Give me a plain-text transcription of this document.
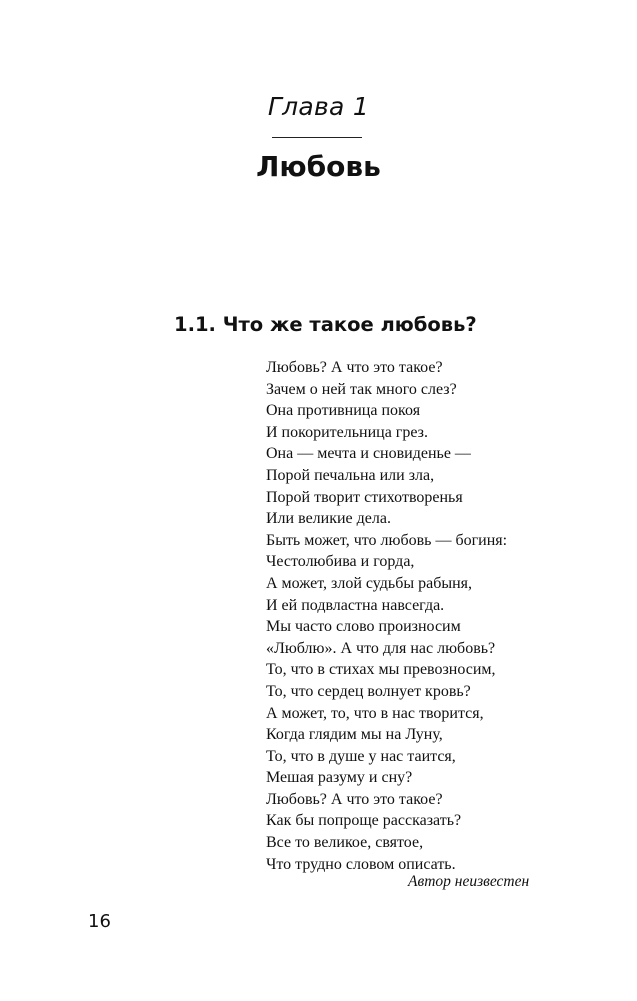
Глава 1
Любовь
1.1. Что же такое любовь?
Любовь? А что это такое?
Зачем о ней так много слез?
Она противница покоя
И покорительница грез.
Она — мечта и сновиденье —
Порой печальна или зла,
Порой творит стихотворенья
Или великие дела.
Быть может, что любовь — богиня:
Честолюбива и горда,
А может, злой судьбы рабыня,
И ей подвластна навсегда.
Мы часто слово произносим
«Люблю». А что для нас любовь?
То, что в стихах мы превозносим,
То, что сердец волнует кровь?
А может, то, что в нас творится,
Когда глядим мы на Луну,
То, что в душе у нас таится,
Мешая разуму и сну?
Любовь? А что это такое?
Как бы попроще рассказать?
Все то великое, святое,
Что трудно словом описать.
Автор неизвестен
16
